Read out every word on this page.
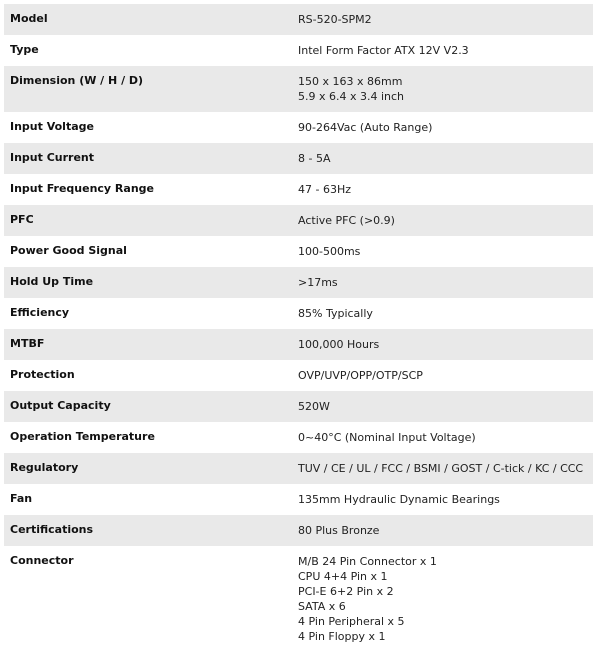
Model	RS-520-SPM2
Type	Intel Form Factor ATX 12V V2.3
Dimension (W / H / D)	150 x 163 x 86mm
5.9 x 6.4 x 3.4 inch
Input Voltage	90-264Vac (Auto Range)
Input Current	8 - 5A
Input Frequency Range	47 - 63Hz
PFC	Active PFC (>0.9)
Power Good Signal	100-500ms
Hold Up Time	>17ms
Efficiency	85% Typically
MTBF	100,000 Hours
Protection	OVP/UVP/OPP/OTP/SCP
Output Capacity	520W
Operation Temperature	0~40°C (Nominal Input Voltage)
Regulatory	TUV / CE / UL / FCC / BSMI / GOST / C-tick / KC / CCC
Fan	135mm Hydraulic Dynamic Bearings
Certifications	80 Plus Bronze
Connector	M/B 24 Pin Connector x 1
CPU 4+4 Pin x 1
PCI-E 6+2 Pin x 2
SATA x 6
4 Pin Peripheral x 5
4 Pin Floppy x 1
